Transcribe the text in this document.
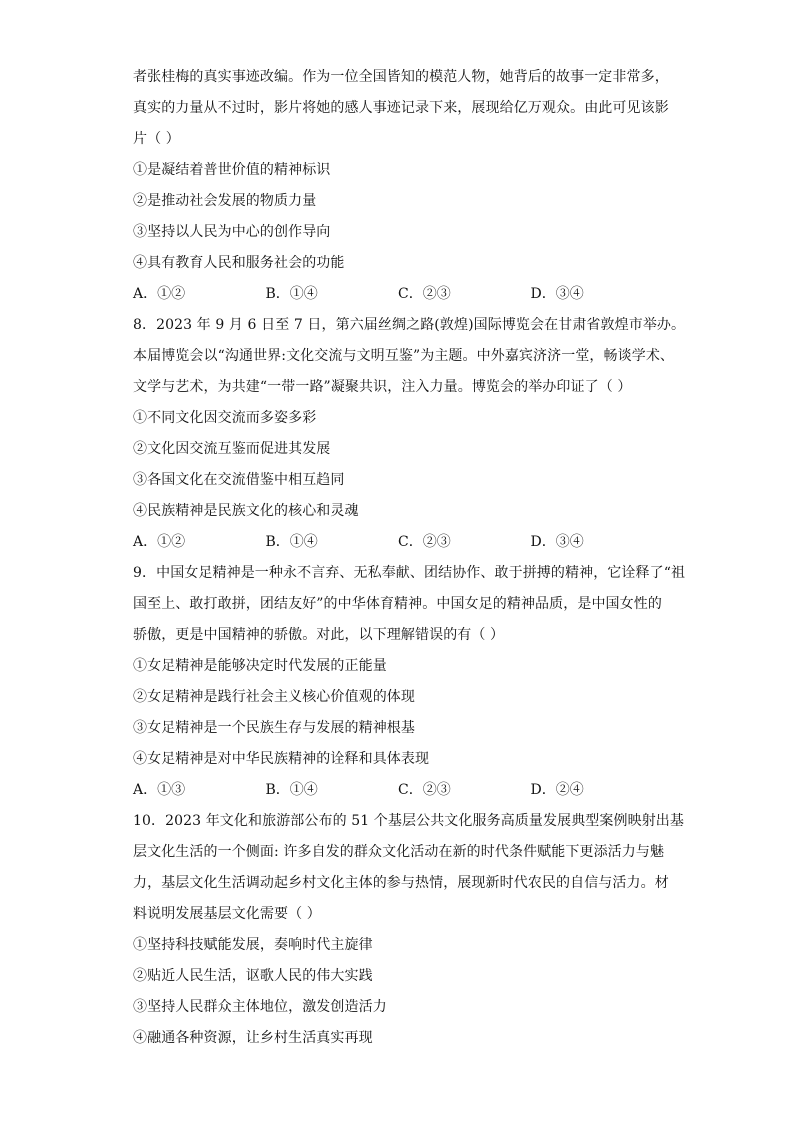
者张桂梅的真实事迹改编。作为一位全国皆知的模范人物，她背后的故事一定非常多，
真实的力量从不过时，影片将她的感人事迹记录下来，展现给亿万观众。由此可见该影
片（ ）
①是凝结着普世价值的精神标识
②是推动社会发展的物质力量
③坚持以人民为中心的创作导向
④具有教育人民和服务社会的功能
A．①②	B．①④	C．②③	D．③④
8．2023 年 9 月 6 日至 7 日，第六届丝绸之路(敦煌)国际博览会在甘肃省敦煌市举办。
本届博览会以“沟通世界:文化交流与文明互鉴”为主题。中外嘉宾济济一堂，畅谈学术、
文学与艺术，为共建“一带一路”凝聚共识，注入力量。博览会的举办印证了（ ）
①不同文化因交流而多姿多彩
②文化因交流互鉴而促进其发展
③各国文化在交流借鉴中相互趋同
④民族精神是民族文化的核心和灵魂
A．①②	B．①④	C．②③	D．③④
9．中国女足精神是一种永不言弃、无私奉献、团结协作、敢于拼搏的精神，它诠释了“祖
国至上、敢打敢拼，团结友好”的中华体育精神。中国女足的精神品质，是中国女性的
骄傲，更是中国精神的骄傲。对此，以下理解错误的有（ ）
①女足精神是能够决定时代发展的正能量
②女足精神是践行社会主义核心价值观的体现
③女足精神是一个民族生存与发展的精神根基
④女足精神是对中华民族精神的诠释和具体表现
A．①③	B．①④	C．②③	D．②④
10．2023 年文化和旅游部公布的 51 个基层公共文化服务高质量发展典型案例映射出基
层文化生活的一个侧面: 许多自发的群众文化活动在新的时代条件赋能下更添活力与魅
力，基层文化生活调动起乡村文化主体的参与热情，展现新时代农民的自信与活力。材
料说明发展基层文化需要（ ）
①坚持科技赋能发展，奏响时代主旋律
②贴近人民生活，讴歌人民的伟大实践
③坚持人民群众主体地位，激发创造活力
④融通各种资源，让乡村生活真实再现
